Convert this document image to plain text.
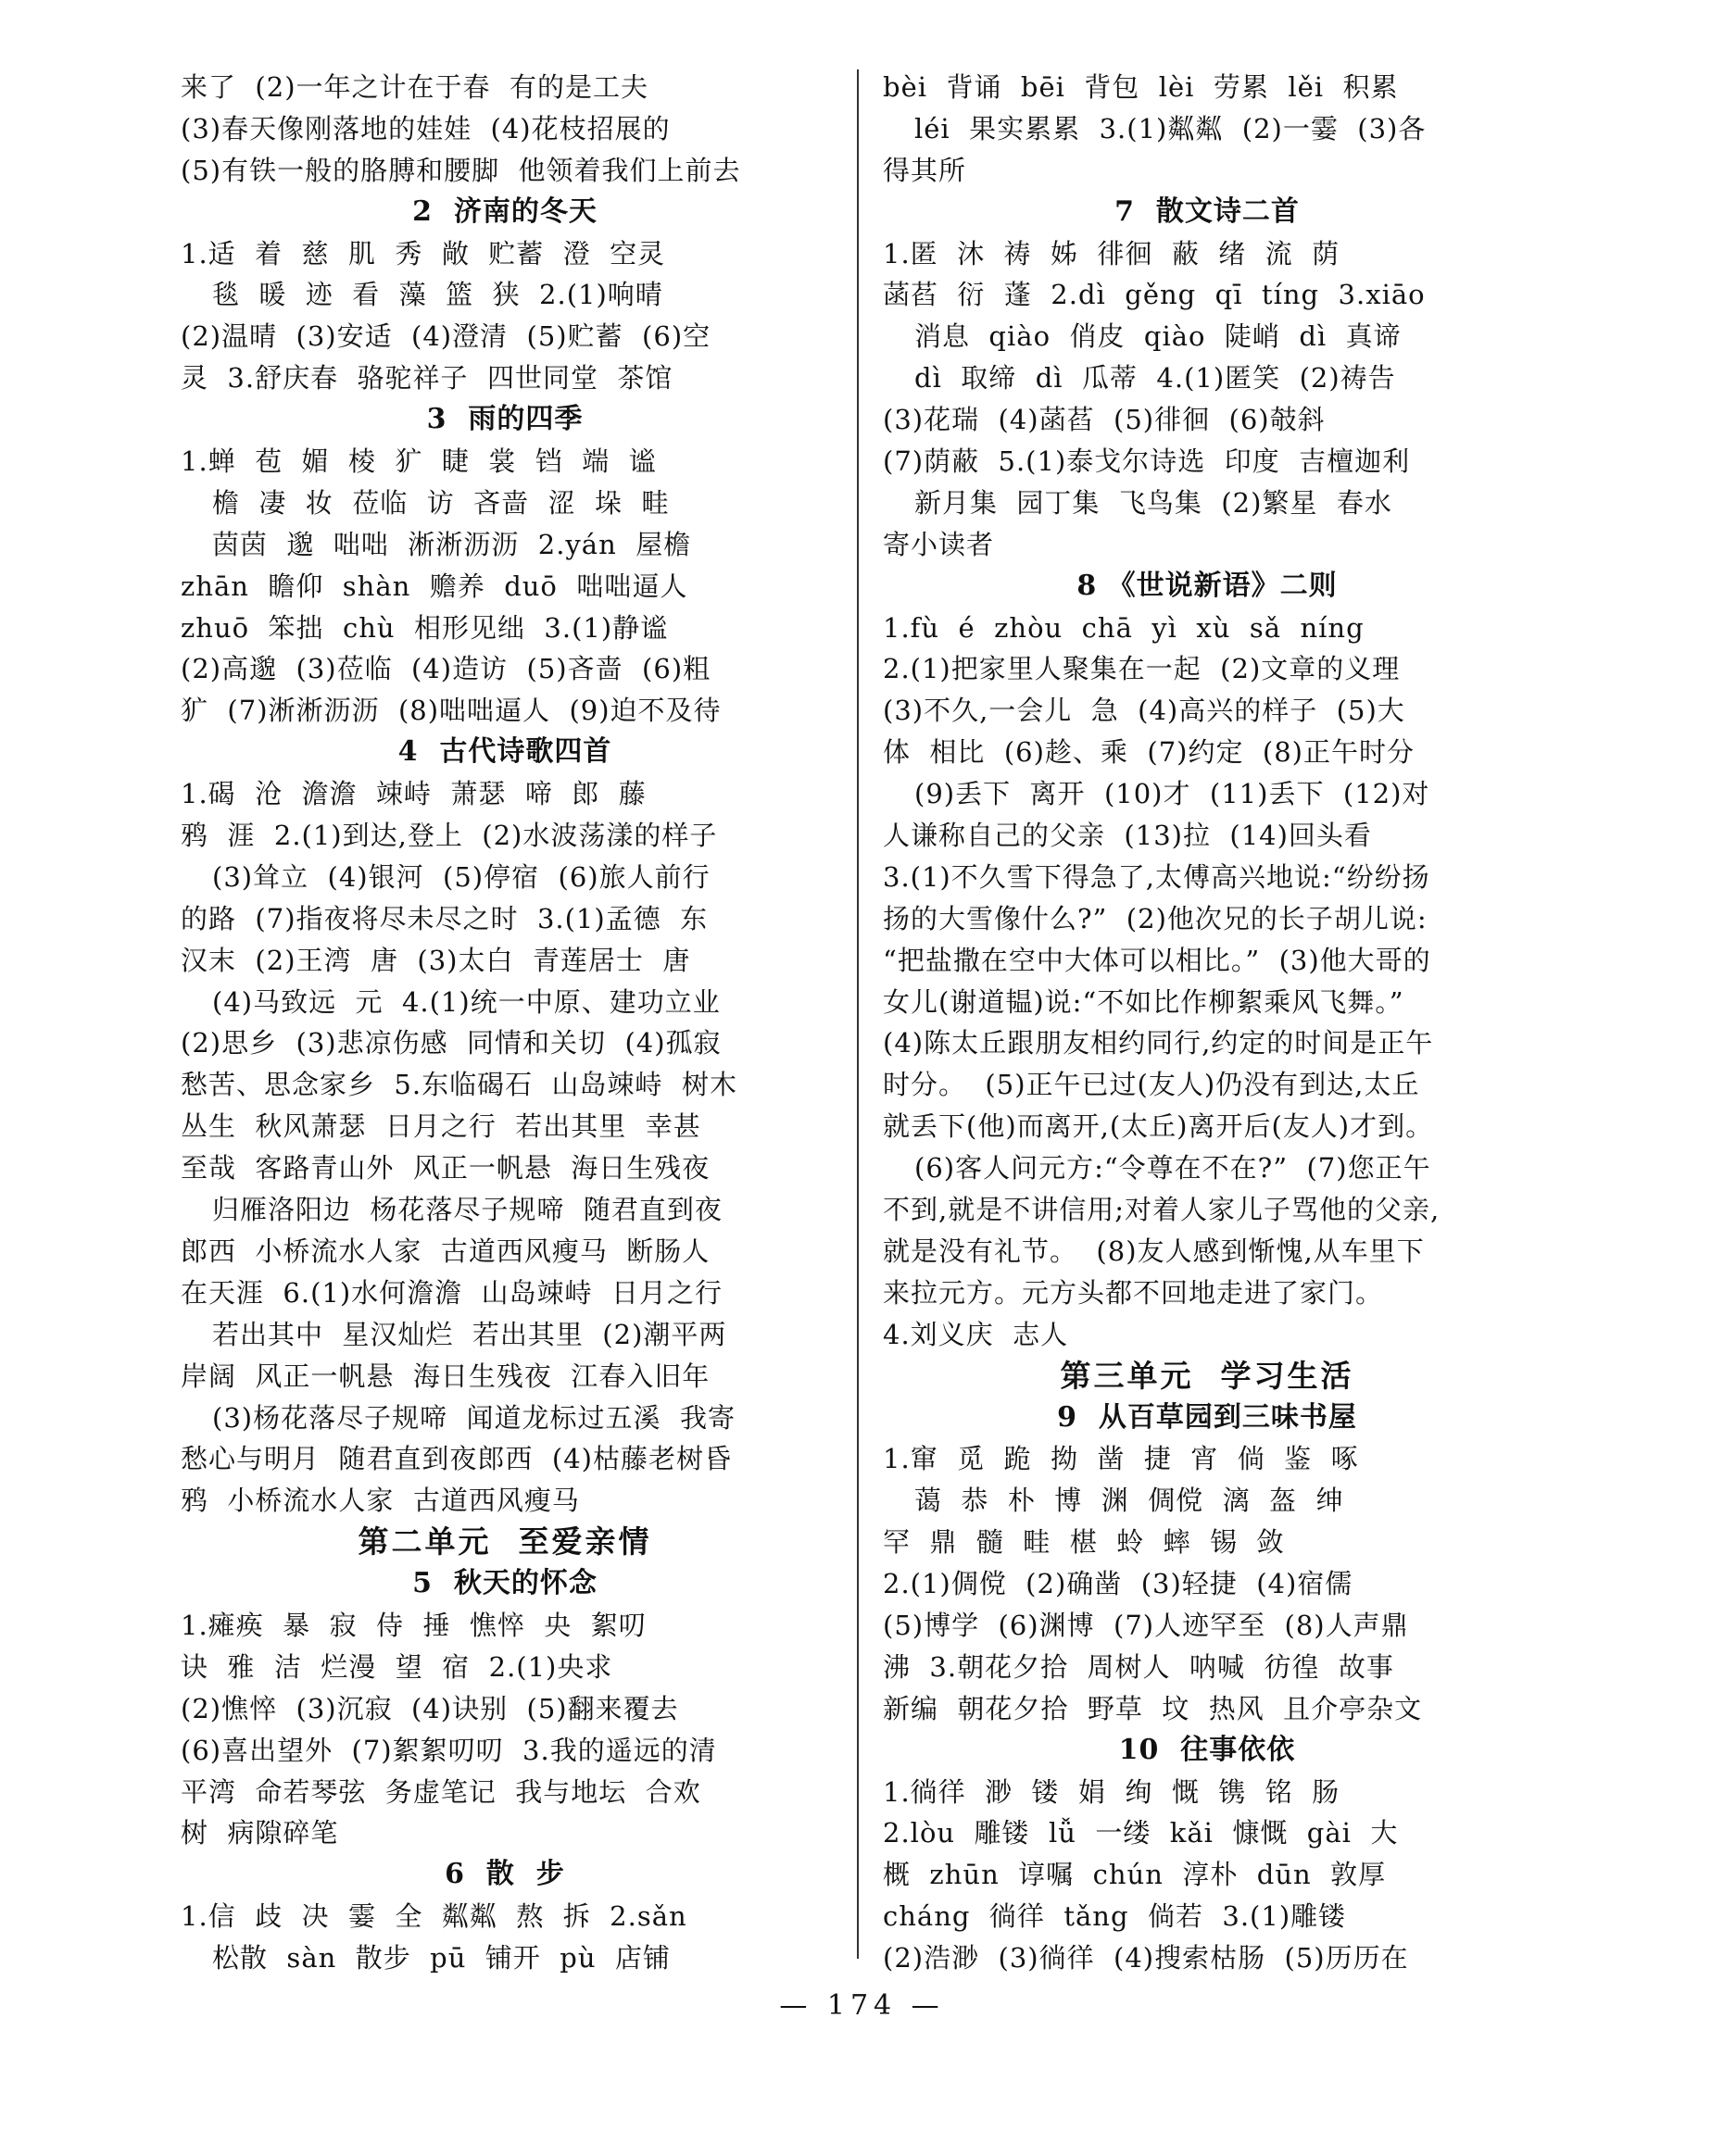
来了  (2)一年之计在于春  有的是工夫
(3)春天像刚落地的娃娃  (4)花枝招展的
(5)有铁一般的胳膊和腰脚  他领着我们上前去
2  济南的冬天
1.适  着  慈  肌  秀  敞  贮蓄  澄  空灵
毯  暖  迹  看  藻  篮  狭  2.(1)响晴
(2)温晴  (3)安适  (4)澄清  (5)贮蓄  (6)空
灵  3.舒庆春  骆驼祥子  四世同堂  茶馆
3  雨的四季
1.蝉  苞  媚  棱  犷  睫  裳  铛  端  谧
檐  凄  妆  莅临  访  吝啬  涩  垛  畦
茵茵  邈  咄咄  淅淅沥沥  2.yán  屋檐
zhān  瞻仰  shàn  赡养  duō  咄咄逼人
zhuō  笨拙  chù  相形见绌  3.(1)静谧
(2)高邈  (3)莅临  (4)造访  (5)吝啬  (6)粗
犷  (7)淅淅沥沥  (8)咄咄逼人  (9)迫不及待
4  古代诗歌四首
1.碣  沧  澹澹  竦峙  萧瑟  啼  郎  藤
鸦  涯  2.(1)到达,登上  (2)水波荡漾的样子
(3)耸立  (4)银河  (5)停宿  (6)旅人前行
的路  (7)指夜将尽未尽之时  3.(1)孟德  东
汉末  (2)王湾  唐  (3)太白  青莲居士  唐
(4)马致远  元  4.(1)统一中原、建功立业
(2)思乡  (3)悲凉伤感  同情和关切  (4)孤寂
愁苦、思念家乡  5.东临碣石  山岛竦峙  树木
丛生  秋风萧瑟  日月之行  若出其里  幸甚
至哉  客路青山外  风正一帆悬  海日生残夜
归雁洛阳边  杨花落尽子规啼  随君直到夜
郎西  小桥流水人家  古道西风瘦马  断肠人
在天涯  6.(1)水何澹澹  山岛竦峙  日月之行
若出其中  星汉灿烂  若出其里  (2)潮平两
岸阔  风正一帆悬  海日生残夜  江春入旧年
(3)杨花落尽子规啼  闻道龙标过五溪  我寄
愁心与明月  随君直到夜郎西  (4)枯藤老树昏
鸦  小桥流水人家  古道西风瘦马
第二单元  至爱亲情
5  秋天的怀念
1.瘫痪  暴  寂  侍  捶  憔悴  央  絮叨
诀  雅  洁  烂漫  望  宿  2.(1)央求
(2)憔悴  (3)沉寂  (4)诀别  (5)翻来覆去
(6)喜出望外  (7)絮絮叨叨  3.我的遥远的清
平湾  命若琴弦  务虚笔记  我与地坛  合欢
树  病隙碎笔
6  散  步
1.信  歧  决  霎  全  粼粼  熬  拆  2.sǎn
松散  sàn  散步  pū  铺开  pù  店铺
bèi  背诵  bēi  背包  lèi  劳累  lěi  积累
léi  果实累累  3.(1)粼粼  (2)一霎  (3)各
得其所
7  散文诗二首
1.匿  沐  祷  姊  徘徊  蔽  绪  流  荫
菡萏  衍  蓬  2.dì  gěng  qī  tíng  3.xiāo
消息  qiào  俏皮  qiào  陡峭  dì  真谛
dì  取缔  dì  瓜蒂  4.(1)匿笑  (2)祷告
(3)花瑞  (4)菡萏  (5)徘徊  (6)攲斜
(7)荫蔽  5.(1)泰戈尔诗选  印度  吉檀迦利
新月集  园丁集  飞鸟集  (2)繁星  春水
寄小读者
8 《世说新语》二则
1.fù  é  zhòu  chā  yì  xù  sǎ  níng
2.(1)把家里人聚集在一起  (2)文章的义理
(3)不久,一会儿  急  (4)高兴的样子  (5)大
体  相比  (6)趁、乘  (7)约定  (8)正午时分
(9)丢下  离开  (10)才  (11)丢下  (12)对
人谦称自己的父亲  (13)拉  (14)回头看
3.(1)不久雪下得急了,太傅高兴地说:“纷纷扬
扬的大雪像什么?”  (2)他次兄的长子胡儿说:
“把盐撒在空中大体可以相比。”  (3)他大哥的
女儿(谢道韫)说:“不如比作柳絮乘风飞舞。”
(4)陈太丘跟朋友相约同行,约定的时间是正午
时分。  (5)正午已过(友人)仍没有到达,太丘
就丢下(他)而离开,(太丘)离开后(友人)才到。
(6)客人问元方:“令尊在不在?”  (7)您正午
不到,就是不讲信用;对着人家儿子骂他的父亲,
就是没有礼节。  (8)友人感到惭愧,从车里下
来拉元方。元方头都不回地走进了家门。
4.刘义庆  志人
第三单元  学习生活
9  从百草园到三味书屋
1.窜  觅  跪  拗  凿  捷  宵  倘  鉴  啄
蔼  恭  朴  博  渊  倜傥  漓  盔  绅
罕  鼎  髓  畦  椹  蛉  蟀  锡  敛
2.(1)倜傥  (2)确凿  (3)轻捷  (4)宿儒
(5)博学  (6)渊博  (7)人迹罕至  (8)人声鼎
沸  3.朝花夕拾  周树人  呐喊  彷徨  故事
新编  朝花夕拾  野草  坟  热风  且介亭杂文
10  往事依依
1.徜徉  渺  镂  娟  绚  慨  镌  铭  肠
2.lòu  雕镂  lǚ  一缕  kǎi  慷慨  gài  大
概  zhūn  谆嘱  chún  淳朴  dūn  敦厚
cháng  徜徉  tǎng  倘若  3.(1)雕镂
(2)浩渺  (3)徜徉  (4)搜索枯肠  (5)历历在
— 174 —
